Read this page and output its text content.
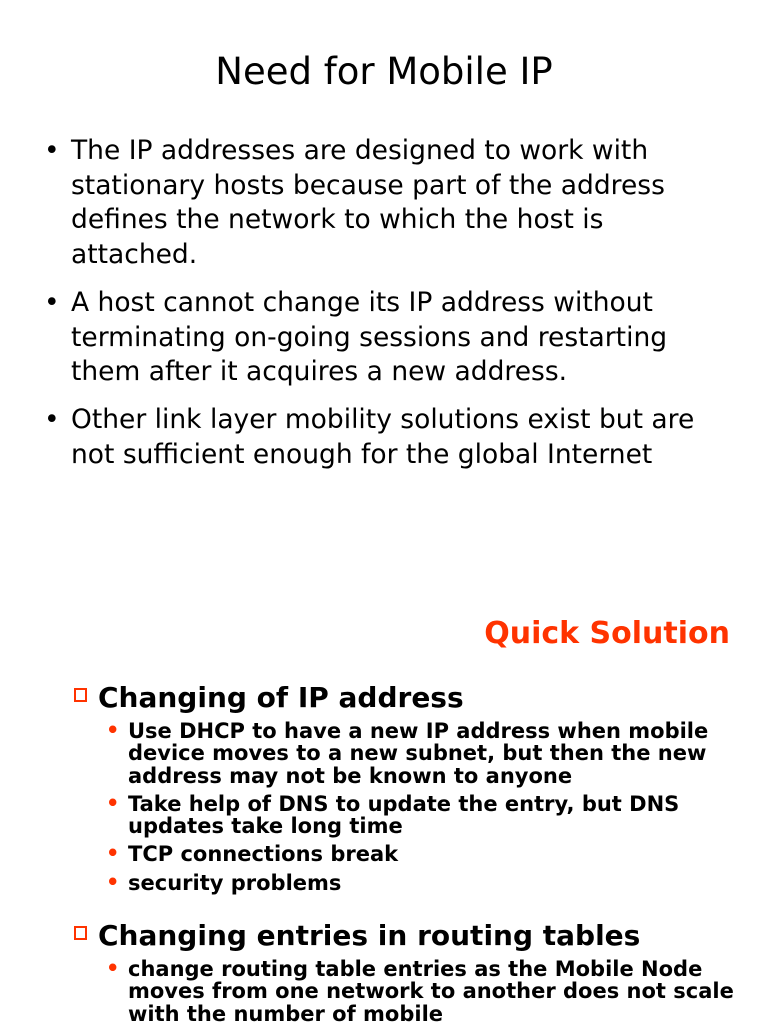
Need for Mobile IP
• The IP addresses are designed to work with stationary hosts because part of the address defines the network to which the host is attached.
• A host cannot change its IP address without terminating on-going sessions and restarting them after it acquires a new address.
• Other link layer mobility solutions exist but are not sufficient enough for the global Internet
Quick Solution
Changing of IP address
• Use DHCP to have a new IP address when mobile       device moves to a new subnet, but then the new      address may not be known to anyone
• Take help of DNS to update the entry, but DNS       updates take long time
• TCP connections break
• security problems
Changing entries in routing tables
• change routing table entries as the Mobile Node      moves from one network to another does not scale  with the number of mobile
